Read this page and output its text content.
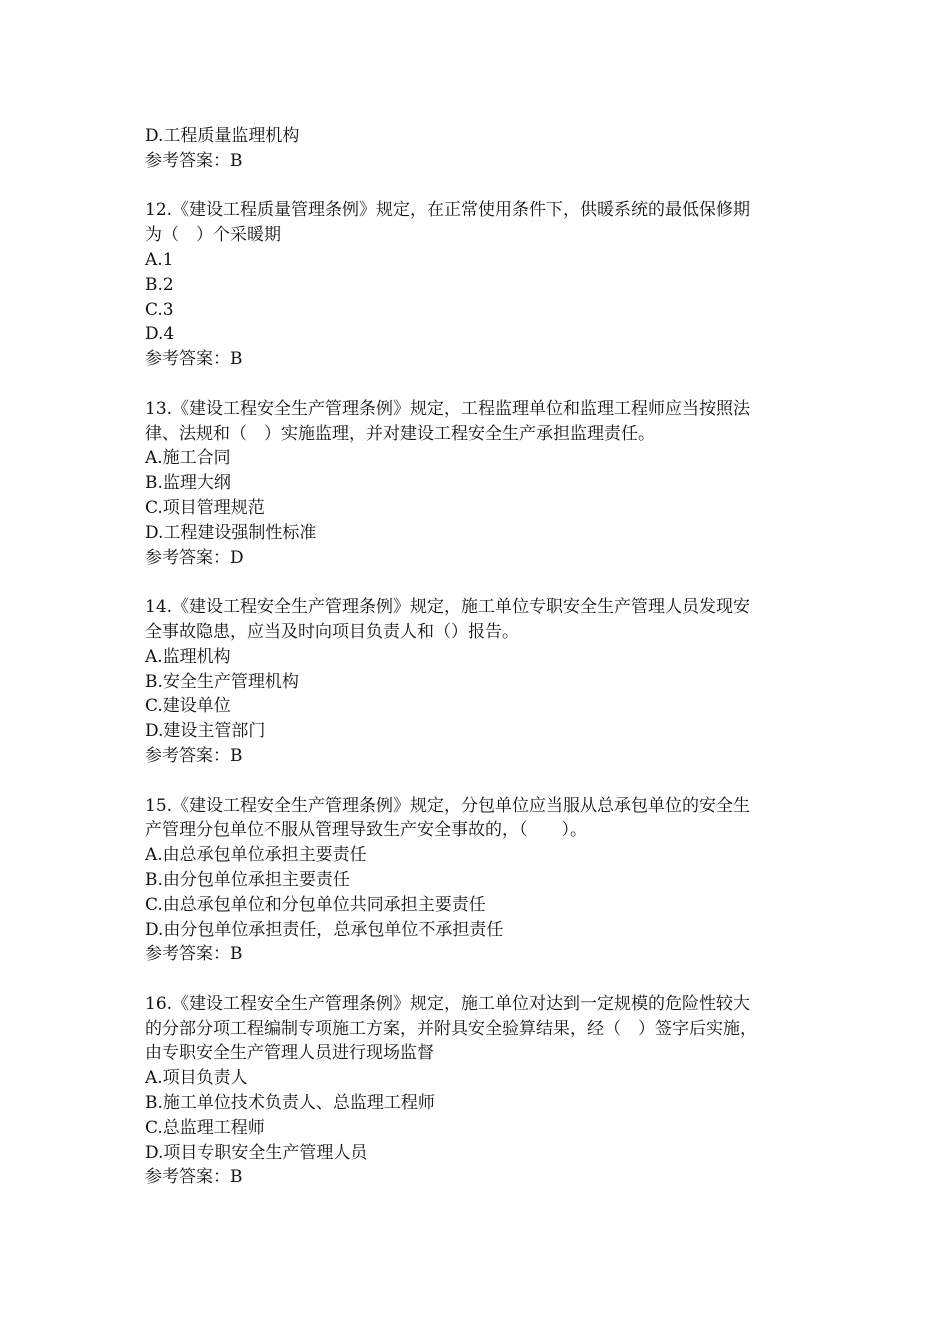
D.工程质量监理机构

参考答案：B

12.《建设工程质量管理条例》规定，在正常使用条件下，供暖系统的最低保修期

为（　）个采暖期

A.1

B.2

C.3

D.4

参考答案：B

13.《建设工程安全生产管理条例》规定，工程监理单位和监理工程师应当按照法

律、法规和（　）实施监理，并对建设工程安全生产承担监理责任。

A.施工合同

B.监理大纲

C.项目管理规范

D.工程建设强制性标准

参考答案：D

14.《建设工程安全生产管理条例》规定，施工单位专职安全生产管理人员发现安

全事故隐患，应当及时向项目负责人和（）报告。

A.监理机构

B.安全生产管理机构

C.建设单位

D.建设主管部门

参考答案：B

15.《建设工程安全生产管理条例》规定，分包单位应当服从总承包单位的安全生

产管理分包单位不服从管理导致生产安全事故的，（　　）。

A.由总承包单位承担主要责任

B.由分包单位承担主要责任

C.由总承包单位和分包单位共同承担主要责任

D.由分包单位承担责任，总承包单位不承担责任

参考答案：B

16.《建设工程安全生产管理条例》规定，施工单位对达到一定规模的危险性较大

的分部分项工程编制专项施工方案，并附具安全验算结果，经（　）签字后实施，

由专职安全生产管理人员进行现场监督

A.项目负责人

B.施工单位技术负责人、总监理工程师

C.总监理工程师

D.项目专职安全生产管理人员

参考答案：B
